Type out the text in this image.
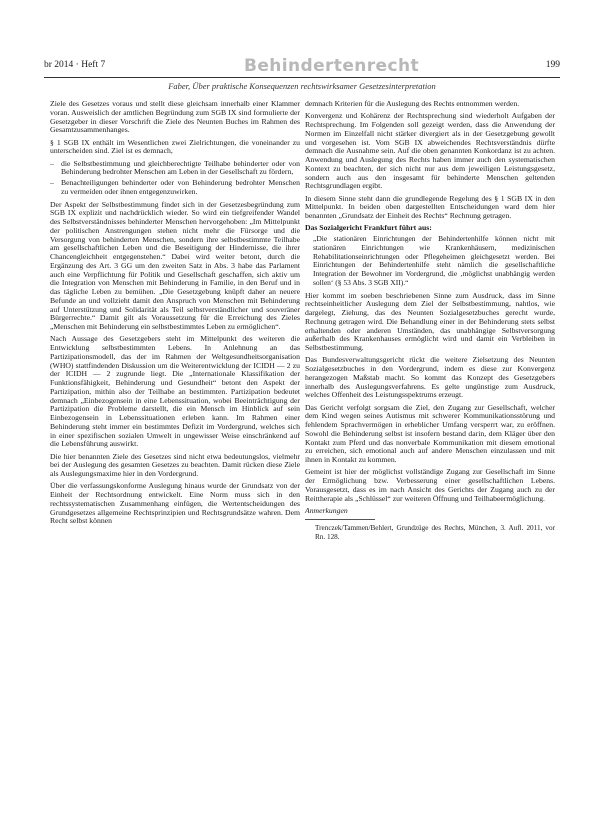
br 2014 · Heft 7	Behindertenrecht	199
Faber, Über praktische Konsequenzen rechtswirksamer Gesetzesinterpretation

Ziele des Gesetzes voraus und stellt diese gleichsam innerhalb einer Klammer voran. Ausweislich der amtlichen Begründung zum SGB IX sind formulierte der Gesetzgeber in dieser Vorschrift die Ziele des Neunten Buches im Rahmen des Gesamtzusammenhanges.

§ 1 SGB IX enthält im Wesentlichen zwei Zielrichtungen, die voneinander zu unterscheiden sind. Ziel ist es demnach,

– die Selbstbestimmung und gleichberechtigte Teilhabe behinderter oder von Behinderung bedrohter Menschen am Leben in der Gesellschaft zu fördern,
– Benachteiligungen behinderter oder von Behinderung bedrohter Menschen zu vermeiden oder ihnen entgegenzuwirken.

Der Aspekt der Selbstbestimmung findet sich in der Gesetzesbegründung zum SGB IX explizit und nachdrücklich wieder. So wird ein tiefgreifender Wandel des Selbstverständnisses behinderter Menschen hervorgehoben: „Im Mittelpunkt der politischen Anstrengungen stehen nicht mehr die Fürsorge und die Versorgung von behinderten Menschen, sondern ihre selbstbestimmte Teilhabe am gesellschaftlichen Leben und die Beseitigung der Hindernisse, die ihrer Chancengleichheit entgegenstehen.“ Dabei wird weiter betont, durch die Ergänzung des Art. 3 GG um den zweiten Satz in Abs. 3 habe das Parlament auch eine Verpflichtung für Politik und Gesellschaft geschaffen, sich aktiv um die Integration von Menschen mit Behinderung in Familie, in den Beruf und in das tägliche Leben zu bemühen. „Die Gesetzgebung knüpft daher an neuere Befunde an und vollzieht damit den Anspruch von Menschen mit Behinderung auf Unterstützung und Solidarität als Teil selbstverständlicher und souveräner Bürgerrechte.“ Damit gilt als Voraussetzung für die Erreichung des Zieles „Menschen mit Behinderung ein selbstbestimmtes Leben zu ermöglichen“.

Nach Aussage des Gesetzgebers steht im Mittelpunkt des weiteren die Entwicklung selbstbestimmten Lebens. In Anlehnung an das Partizipationsmodell, das der im Rahmen der Weltgesundheitsorganisation (WHO) stattfindenden Diskussion um die Weiterentwicklung der ICIDH — 2 zu der ICIDH — 2 zugrunde liegt. Die „Internationale Klassifikation der Funktionsfähigkeit, Behinderung und Gesundheit“ betont den Aspekt der Partizipation, mithin also der Teilhabe an bestimmten. Partizipation bedeutet demnach „Einbezogensein in eine Lebenssituation, wobei Beeinträchtigung der Partizipation die Probleme darstellt, die ein Mensch im Hinblick auf sein Einbezogensein in Lebenssituationen erleben kann. Im Rahmen einer Behinderung steht immer ein bestimmtes Defizit im Vordergrund, welches sich in einer spezifischen sozialen Umwelt in ungewisser Weise einschränkend auf die Lebensführung auswirkt.

Die hier benannten Ziele des Gesetzes sind nicht etwa bedeutungslos, vielmehr bei der Auslegung des gesamten Gesetzes zu beachten. Damit rücken diese Ziele als Auslegungsmaxime hier in den Vordergrund.

Über die verfassungskonforme Auslegung hinaus wurde der Grundsatz von der Einheit der Rechtsordnung entwickelt. Eine Norm muss sich in den rechtssystematischen Zusammenhang einfügen, die Wertentscheidungen des Grundgesetzes allgemeine Rechtsprinzipien und Rechtsgrundsätze wahren. Dem Recht selbst können

demnach Kriterien für die Auslegung des Rechts entnommen werden.

Konvergenz und Kohärenz der Rechtsprechung sind wiederholt Aufgaben der Rechtsprechung. Im Folgenden soll gezeigt werden, dass die Anwendung der Normen im Einzelfall nicht stärker divergiert als in der Gesetzgebung gewollt und vorgesehen ist. Vom SGB IX abweichendes Rechtsverständnis dürfte demnach die Ausnahme sein. Auf die oben genannten Konkordanz ist zu achten. Anwendung und Auslegung des Rechts haben immer auch den systematischen Kontext zu beachten, der sich nicht nur aus dem jeweiligen Leistungsgesetz, sondern auch aus den insgesamt für behinderte Menschen geltenden Rechtsgrundlagen ergibt.

In diesem Sinne steht dann die grundlegende Regelung des § 1 SGB IX in den Mittelpunkt. In beiden oben dargestellten Entscheidungen ward dem hier benannten „Grundsatz der Einheit des Rechts“ Rechnung getragen.

Das Sozialgericht Frankfurt führt aus:

„Die stationären Einrichtungen der Behindertenhilfe können nicht mit stationären Einrichtungen wie Krankenhäusern, medizinischen Rehabilitationseinrichtungen oder Pflegeheimen gleichgesetzt werden. Bei Einrichtungen der Behindertenhilfe steht nämlich die gesellschaftliche Integration der Bewohner im Vordergrund, die ‚möglichst unabhängig werden sollen‘ (§ 53 Abs. 3 SGB XII).“

Hier kommt im soeben beschriebenen Sinne zum Ausdruck, dass im Sinne rechtseinheitlicher Auslegung dem Ziel der Selbstbestimmung, nahtlos, wie dargelegt, Ziehung, das des Neunten Sozialgesetzbuches gerecht wurde, Rechnung getragen wird. Die Behandlung einer in der Behinderung stets selbst erhaltenden oder anderen Umständen, das unabhängige Selbstversorgung außerhalb des Krankenhauses ermöglicht wird und damit ein Verbleiben in Selbstbestimmung.

Das Bundesverwaltungsgericht rückt die weitere Zielsetzung des Neunten Sozialgesetzbuches in den Vordergrund, indem es diese zur Konvergenz herangezogen Maßstab macht. So kommt das Konzept des Gesetzgebers innerhalb des Auslegungsverfahrens. Es gelte ungünstige zum Ausdruck, welches Offenheit des Leistungsspektrums erzeugt.

Das Gericht verfolgt sorgsam die Ziel, den Zugang zur Gesellschaft, welcher dem Kind wegen seines Autismus mit schwerer Kommunikationsstörung und fehlendem Sprachvermögen in erheblicher Umfang versperrt war, zu eröffnen. Sowohl die Behinderung selbst ist insofern bestand darin, dem Kläger über den Kontakt zum Pferd und das nonverbale Kommunikation mit diesem emotional zu erreichen, sich emotional auch auf andere Menschen einzulassen und mit ihnen in Kontakt zu kommen.

Gemeint ist hier der möglichst vollständige Zugang zur Gesellschaft im Sinne der Ermöglichung bzw. Verbesserung einer gesellschaftlichen Lebens. Vorausgesetzt, dass es im nach Ansicht des Gerichts der Zugang auch zu der Reittherapie als „Schlüssel“ zur weiteren Öffnung und Teilhabeermöglichung.

Anmerkungen

Trenczek/Tammen/Behlert, Grundzüge des Rechts, München, 3. Aufl. 2011, vor Rn. 128.
